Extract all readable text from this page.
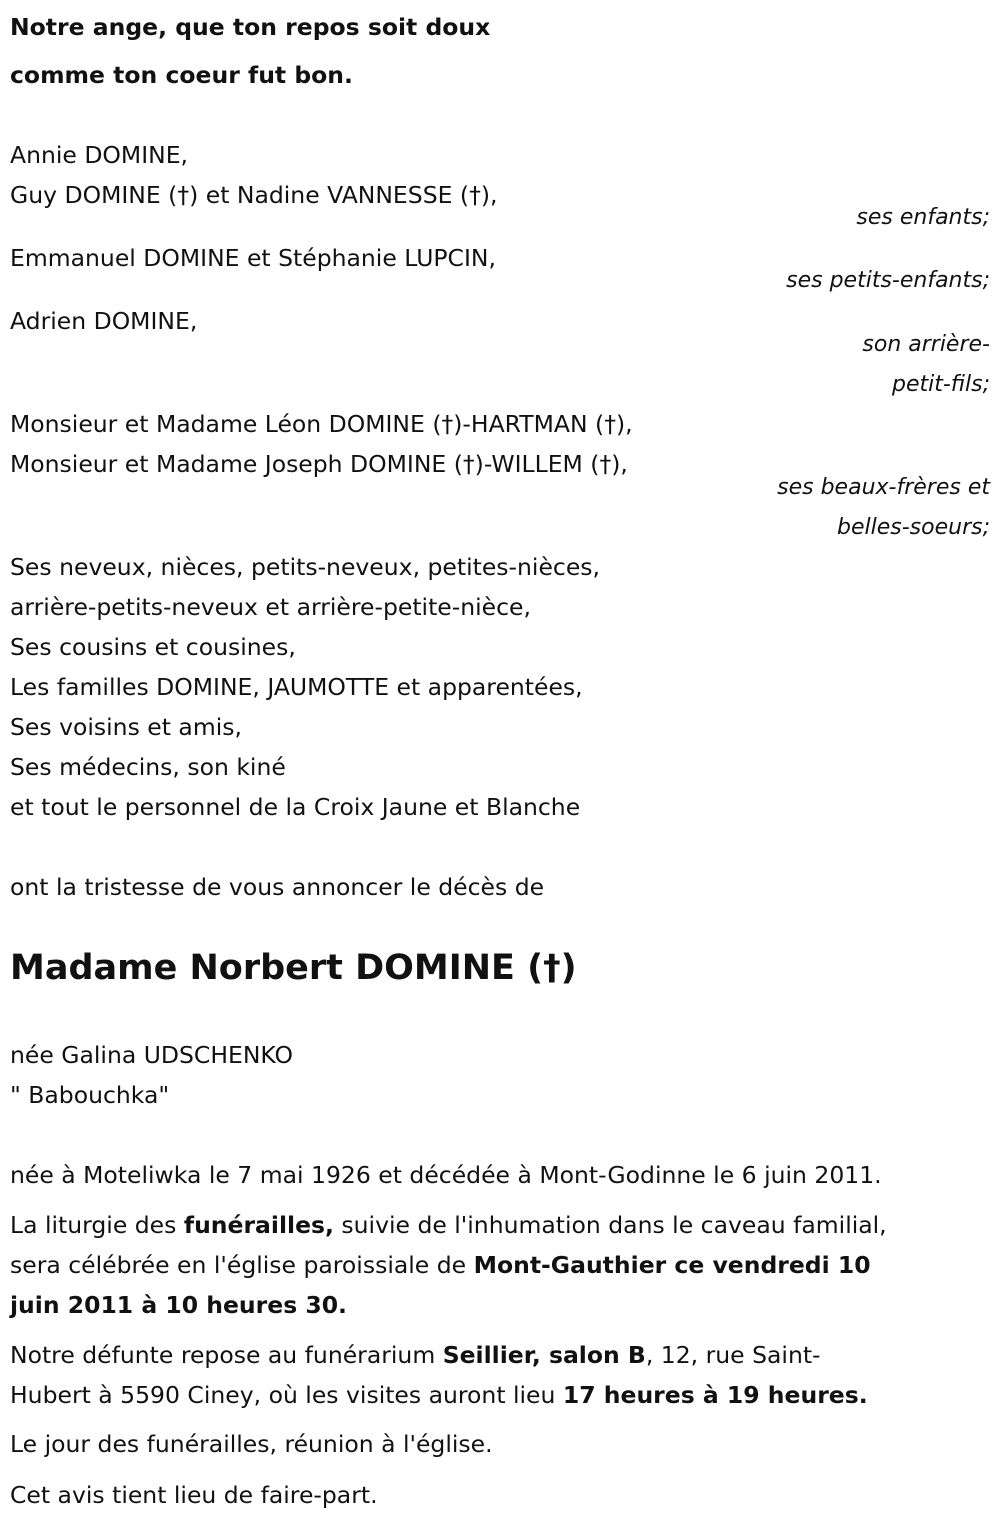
Notre ange, que ton repos soit doux
comme ton coeur fut bon.
Annie DOMINE,
Guy DOMINE (†) et Nadine VANNESSE (†),
ses enfants;
Emmanuel DOMINE et Stéphanie LUPCIN,
ses petits-enfants;
Adrien DOMINE,
son arrière-
petit-fils;
Monsieur et Madame Léon DOMINE (†)-HARTMAN (†),
Monsieur et Madame Joseph DOMINE (†)-WILLEM (†),
ses beaux-frères et
belles-soeurs;
Ses neveux, nièces, petits-neveux, petites-nièces,
arrière-petits-neveux et arrière-petite-nièce,
Ses cousins et cousines,
Les familles DOMINE, JAUMOTTE et apparentées,
Ses voisins et amis,
Ses médecins, son kiné
et tout le personnel de la Croix Jaune et Blanche
ont la tristesse de vous annoncer le décès de
Madame Norbert DOMINE (†)
née Galina UDSCHENKO
" Babouchka"
née à Moteliwka le 7 mai 1926 et décédée à Mont-Godinne le 6 juin 2011.
La liturgie des funérailles, suivie de l'inhumation dans le caveau familial,
sera célébrée en l'église paroissiale de Mont-Gauthier ce vendredi 10
juin 2011 à 10 heures 30.
Notre défunte repose au funérarium Seillier, salon B, 12, rue Saint-
Hubert à 5590 Ciney, où les visites auront lieu 17 heures à 19 heures.
Le jour des funérailles, réunion à l'église.
Cet avis tient lieu de faire-part.
